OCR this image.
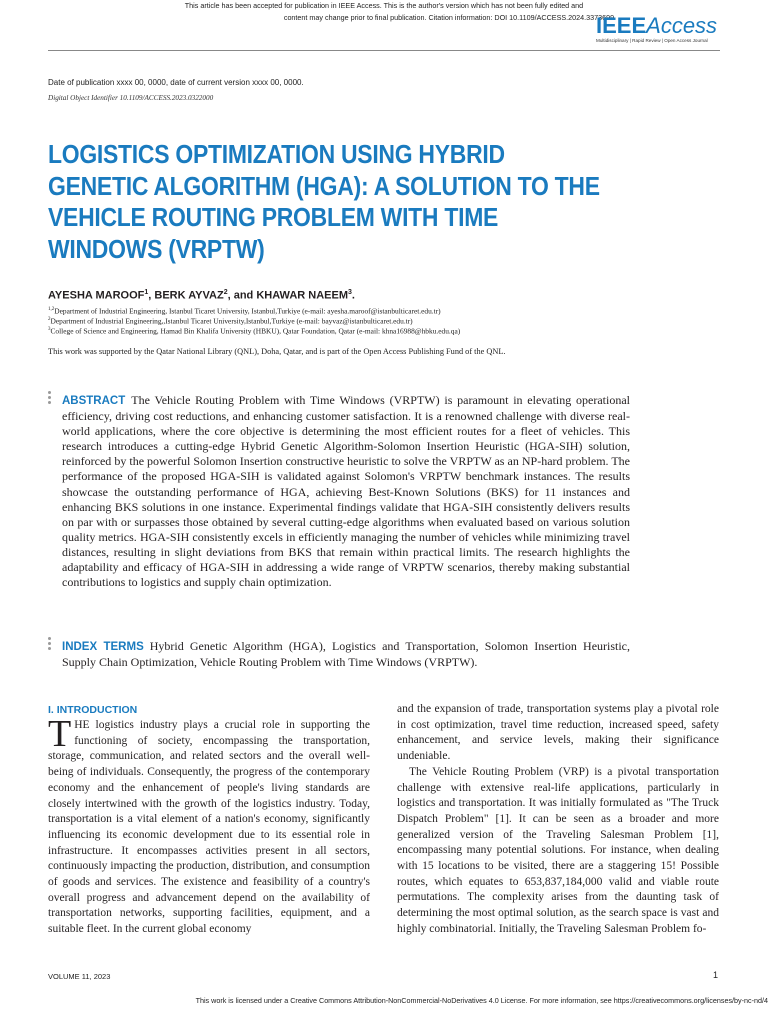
This article has been accepted for publication in IEEE Access. This is the author's version which has not been fully edited and
content may change prior to final publication. Citation information: DOI 10.1109/ACCESS.2024.3373699
IEEEAccess
Multidisciplinary | Rapid Review | Open Access Journal
Date of publication xxxx 00, 0000, date of current version xxxx 00, 0000.
Digital Object Identifier 10.1109/ACCESS.2023.0322000
LOGISTICS OPTIMIZATION USING HYBRID GENETIC ALGORITHM (HGA): A SOLUTION TO THE VEHICLE ROUTING PROBLEM WITH TIME WINDOWS (VRPTW)
AYESHA MAROOF$^1$, BERK AYVAZ$^2$, and KHAWAR NAEEM$^3$.
$^{1,2}$Department of Industrial Engineering, Istanbul Ticaret University, Istanbul,Turkiye (e-mail: ayesha.maroof@istanbulticaret.edu.tr)
$^2$Department of Industrial Engineering,,Istanbul Ticaret University,Istanbul,Turkiye (e-mail: bayvaz@istanbulticaret.edu.tr)
$^3$College of Science and Engineering, Hamad Bin Khalifa University (HBKU), Qatar Foundation, Qatar (e-mail: khna16988@hbku.edu.qa)
This work was supported by the Qatar National Library (QNL), Doha, Qatar, and is part of the Open Access Publishing Fund of the QNL.
ABSTRACT The Vehicle Routing Problem with Time Windows (VRPTW) is paramount in elevating operational efficiency, driving cost reductions, and enhancing customer satisfaction. It is a renowned challenge with diverse real-world applications, where the core objective is determining the most efficient routes for a fleet of vehicles. This research introduces a cutting-edge Hybrid Genetic Algorithm-Solomon Insertion Heuristic (HGA-SIH) solution, reinforced by the powerful Solomon Insertion constructive heuristic to solve the VRPTW as an NP-hard problem. The performance of the proposed HGA-SIH is validated against Solomon's VRPTW benchmark instances. The results showcase the outstanding performance of HGA, achieving Best-Known Solutions (BKS) for 11 instances and enhancing BKS solutions in one instance. Experimental findings validate that HGA-SIH consistently delivers results on par with or surpasses those obtained by several cutting-edge algorithms when evaluated based on various solution quality metrics. HGA-SIH consistently excels in efficiently managing the number of vehicles while minimizing travel distances, resulting in slight deviations from BKS that remain within practical limits. The research highlights the adaptability and efficacy of HGA-SIH in addressing a wide range of VRPTW scenarios, thereby making substantial contributions to logistics and supply chain optimization.
INDEX TERMS Hybrid Genetic Algorithm (HGA), Logistics and Transportation, Solomon Insertion Heuristic, Supply Chain Optimization, Vehicle Routing Problem with Time Windows (VRPTW).
I. INTRODUCTION

THE logistics industry plays a crucial role in supporting the functioning of society, encompassing the transportation, storage, communication, and related sectors and the overall well-being of individuals. Consequently, the progress of the contemporary economy and the enhancement of people's living standards are closely intertwined with the growth of the logistics industry. Today, transportation is a vital element of a nation's economy, significantly influencing its economic development due to its essential role in infrastructure. It encompasses activities present in all sectors, continuously impacting the production, distribution, and consumption of goods and services. The existence and feasibility of a country's overall progress and advancement depend on the availability of transportation networks, supporting facilities, equipment, and a suitable fleet. In the current global economy

and the expansion of trade, transportation systems play a pivotal role in cost optimization, travel time reduction, increased speed, safety enhancement, and service levels, making their significance undeniable.

The Vehicle Routing Problem (VRP) is a pivotal transportation challenge with extensive real-life applications, particularly in logistics and transportation. It was initially formulated as "The Truck Dispatch Problem" [1]. It can be seen as a broader and more generalized version of the Traveling Salesman Problem [1], encompassing many potential solutions. For instance, when dealing with 15 locations to be visited, there are a staggering 15! Possible routes, which equates to 653,837,184,000 valid and viable route permutations. The complexity arises from the daunting task of determining the most optimal solution, as the search space is vast and highly combinatorial. Initially, the Traveling Salesman Problem fo-

VOLUME 11, 2023	1
This work is licensed under a Creative Commons Attribution-NonCommercial-NoDerivatives 4.0 License. For more information, see https://creativecommons.org/licenses/by-nc-nd/4
